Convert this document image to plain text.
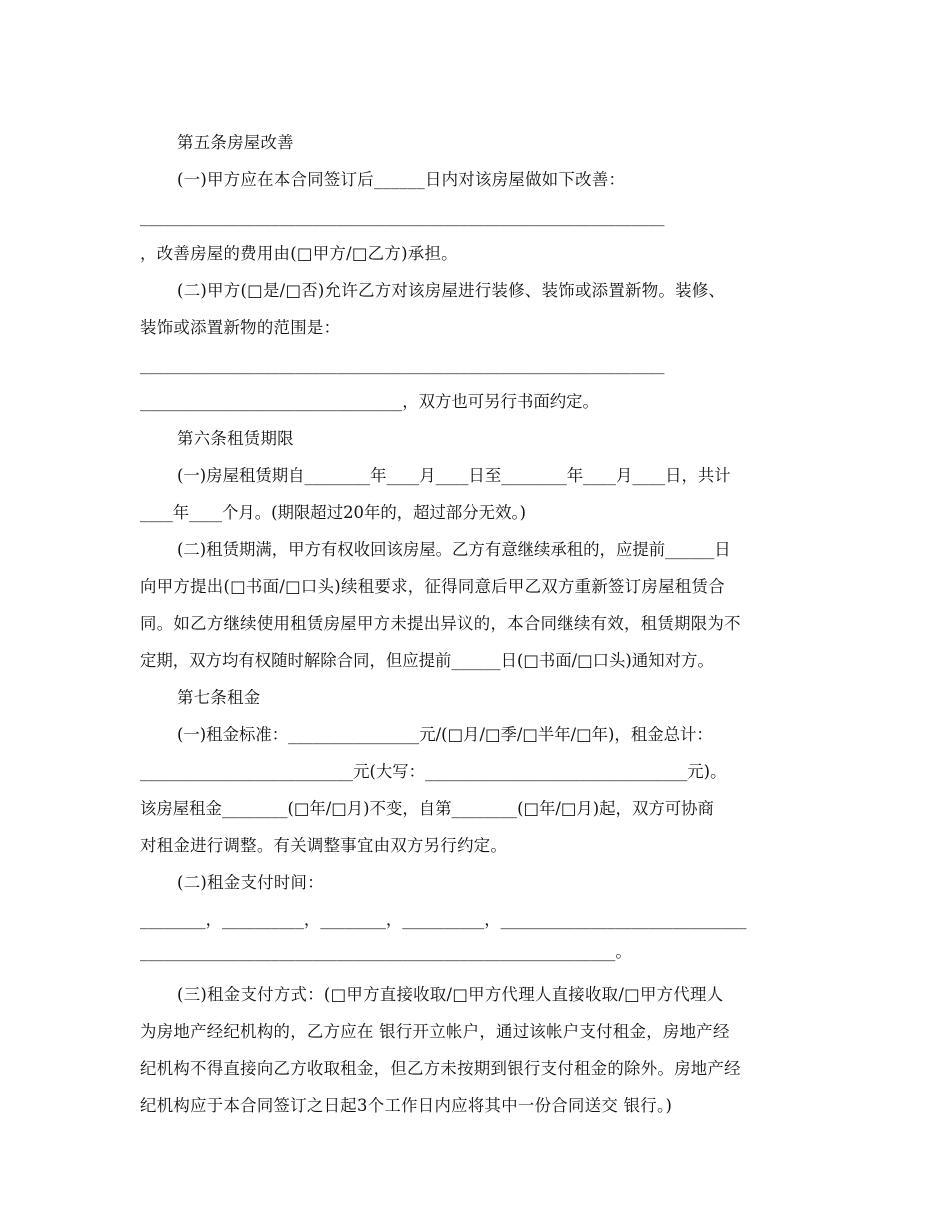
第五条房屋改善
(一)甲方应在本合同签订后______日内对该房屋做如下改善：
________________________________________________________________
，改善房屋的费用由(□甲方/□乙方)承担。
(二)甲方(□是/□否)允许乙方对该房屋进行装修、装饰或添置新物。装修、
装饰或添置新物的范围是：
________________________________________________________________
________________________________，双方也可另行书面约定。
第六条租赁期限
(一)房屋租赁期自________年____月____日至________年____月____日，共计
____年____个月。(期限超过20年的，超过部分无效。)
(二)租赁期满，甲方有权收回该房屋。乙方有意继续承租的，应提前______日
向甲方提出(□书面/□口头)续租要求，征得同意后甲乙双方重新签订房屋租赁合
同。如乙方继续使用租赁房屋甲方未提出异议的，本合同继续有效，租赁期限为不
定期，双方均有权随时解除合同，但应提前______日(□书面/□口头)通知对方。
第七条租金
(一)租金标准：________________元/(□月/□季/□半年/□年)，租金总计：
__________________________元(大写：________________________________元)。
该房屋租金________(□年/□月)不变，自第________(□年/□月)起，双方可协商
对租金进行调整。有关调整事宜由双方另行约定。
(二)租金支付时间：
________，__________，________，__________，______________________________
__________________________________________________________。
(三)租金支付方式：(□甲方直接收取/□甲方代理人直接收取/□甲方代理人
为房地产经纪机构的，乙方应在 银行开立帐户，通过该帐户支付租金，房地产经
纪机构不得直接向乙方收取租金，但乙方未按期到银行支付租金的除外。房地产经
纪机构应于本合同签订之日起3个工作日内应将其中一份合同送交 银行。)
